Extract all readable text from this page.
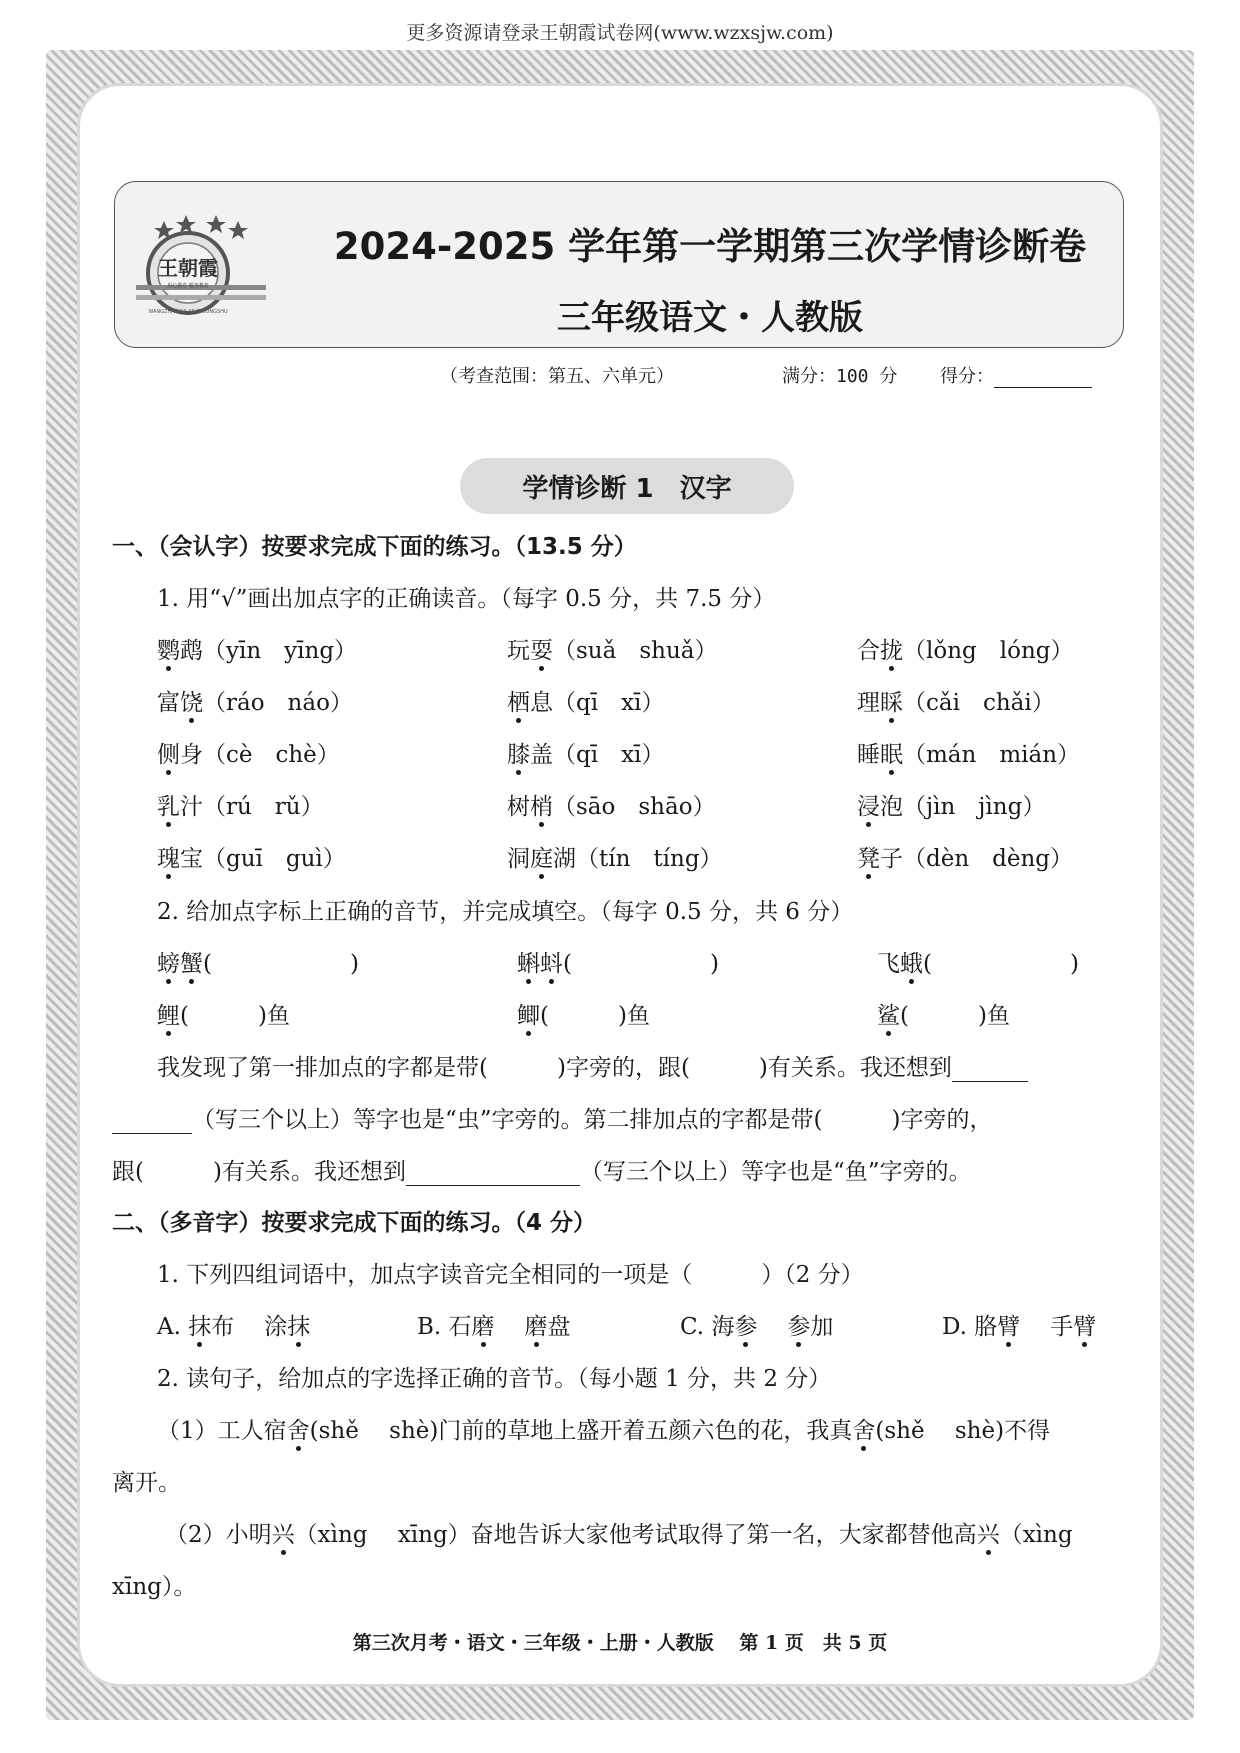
更多资源请登录王朝霞试卷网(www.wzxsjw.com)
王朝霞
用心做卷 服务教育
WANGZHAOXIA XILIE CONGSHU
2024-2025 学年第一学期第三次学情诊断卷
三年级语文・人教版
（考查范围：第五、六单元）	满分：100 分 得分：
学情诊断 1　汉字
一、（会认字）按要求完成下面的练习。（13.5 分）
1. 用“√”画出加点字的正确读音。（每字 0.5 分，共 7.5 分）
鹦鹉（yīn　yīng）	玩耍（suǎ　shuǎ）	合拢（lǒng　lóng）
富饶（ráo　náo）	栖息（qī　xī）	理睬（cǎi　chǎi）
侧身（cè　chè）	膝盖（qī　xī）	睡眠（mán　mián）
乳汁（rú　rǔ）	树梢（sāo　shāo）	浸泡（jìn　jìng）
瑰宝（guī　guì）	洞庭湖（tín　tíng）	凳子（dèn　dèng）
2. 给加点字标上正确的音节，并完成填空。（每字 0.5 分，共 6 分）
螃蟹(　　　　　　)	蝌蚪(　　　　　　)	飞蛾(　　　　　　)
鲤(　　　)鱼	鲫(　　　)鱼	鲨(　　　)鱼
我发现了第一排加点的字都是带(　　　)字旁的，跟(　　　)有关系。我还想到
（写三个以上）等字也是“虫”字旁的。第二排加点的字都是带(　　　)字旁的，
跟(　　　)有关系。我还想到	（写三个以上）等字也是“鱼”字旁的。
二、（多音字）按要求完成下面的练习。（4 分）
1. 下列四组词语中，加点字读音完全相同的一项是（　　　）（2 分）
A. 抹布 涂抹	B. 石磨 磨盘	C. 海参 参加	D. 胳臂 手臂
2. 读句子，给加点的字选择正确的音节。（每小题 1 分，共 2 分）
（1）工人宿舍(shě　 shè)门前的草地上盛开着五颜六色的花，我真舍(shě　 shè)不得
离开。
（2）小明兴（xìng　 xīng）奋地告诉大家他考试取得了第一名，大家都替他高兴（xìng
xīng）。
第三次月考・语文・三年级・上册・人教版　 第 1 页　共 5 页
